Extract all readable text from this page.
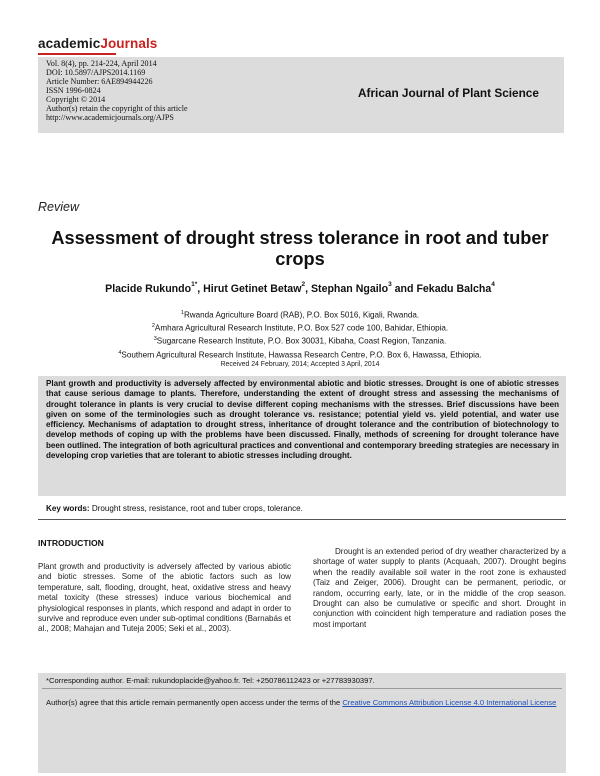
academicJournals
Vol. 8(4), pp. 214-224, April 2014
DOI: 10.5897/AJPS2014.1169
Article Number: 6AE894944226
ISSN 1996-0824
Copyright © 2014
Author(s) retain the copyright of this article
http://www.academicjournals.org/AJPS
African Journal of Plant Science
Review
Assessment of drought stress tolerance in root and tuber crops
Placide Rukundo$^{1*}$, Hirut Getinet Betaw$^2$, Stephan Ngailo$^3$ and Fekadu Balcha$^4$
$^1$Rwanda Agriculture Board (RAB), P.O. Box 5016, Kigali, Rwanda.
$^2$Amhara Agricultural Research Institute, P.O. Box 527 code 100, Bahidar, Ethiopia.
$^3$Sugarcane Research Institute, P.O. Box 30031, Kibaha, Coast Region, Tanzania.
$^4$Southern Agricultural Research Institute, Hawassa Research Centre, P.O. Box 6, Hawassa, Ethiopia.
Received 24 February, 2014; Accepted 3 April, 2014
Plant growth and productivity is adversely affected by environmental abiotic and biotic stresses. Drought is one of abiotic stresses that cause serious damage to plants. Therefore, understanding the extent of drought stress and assessing the mechanisms of drought tolerance in plants is very crucial to devise different coping mechanisms with the stresses. Brief discussions have been given on some of the terminologies such as drought tolerance vs. resistance; potential yield vs. yield potential, and water use efficiency. Mechanisms of adaptation to drought stress, inheritance of drought tolerance and the contribution of biotechnology to develop methods of coping up with the problems have been discussed. Finally, methods of screening for drought tolerance have been outlined. The integration of both agricultural practices and conventional and contemporary breeding strategies are necessary in developing crop varieties that are tolerant to abiotic stresses including drought.
Key words: Drought stress, resistance, root and tuber crops, tolerance.
INTRODUCTION
Plant growth and productivity is adversely affected by various abiotic and biotic stresses. Some of the abiotic factors such as low temperature, salt, flooding, drought, heat, oxidative stress and heavy metal toxicity (these stresses) induce various biochemical and physiological responses in plants, which respond and adapt in order to survive and reproduce even under sub-optimal conditions (Barnabás et al., 2008; Mahajan and Tuteja 2005; Seki et al., 2003).
Drought is an extended period of dry weather characterized by a shortage of water supply to plants (Acquaah, 2007). Drought begins when the readily available soil water in the root zone is exhausted (Taiz and Zeiger, 2006). Drought can be permanent, periodic, or random, occurring early, late, or in the middle of the crop season. Drought can also be cumulative or specific and short. Drought in conjunction with coincident high temperature and radiation poses the most important
*Corresponding author. E-mail: rukundoplacide@yahoo.fr. Tel: +250786112423 or +27783930397.
Author(s) agree that this article remain permanently open access under the terms of the Creative Commons Attribution License 4.0 International License
